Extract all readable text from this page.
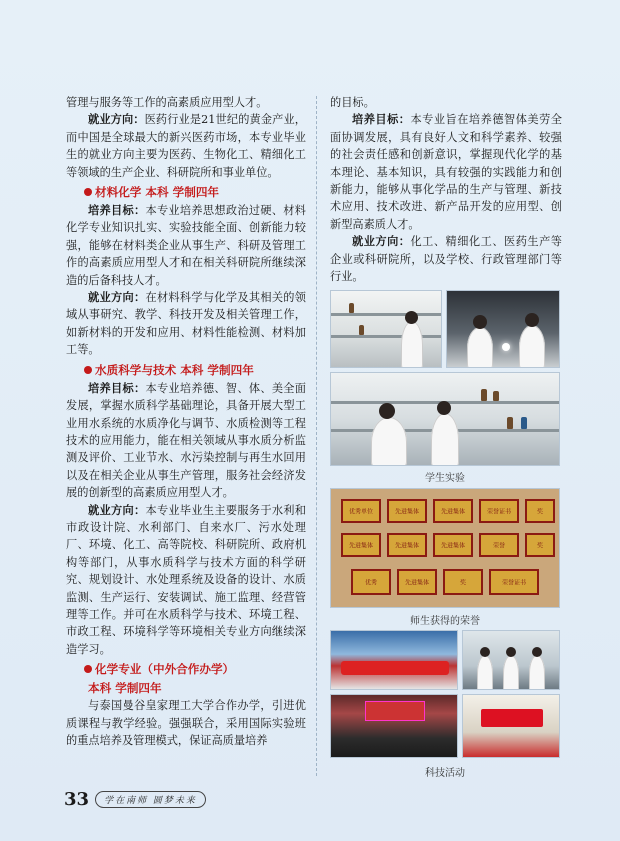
管理与服务等工作的高素质应用型人才。

就业方向：医药行业是21世纪的黄金产业，而中国是全球最大的新兴医药市场，本专业毕业生的就业方向主要为医药、生物化工、精细化工等领域的生产企业、科研院所和事业单位。

材料化学 本科 学制四年

培养目标：本专业培养思想政治过硬、材料化学专业知识扎实、实验技能全面、创新能力较强，能够在材料类企业从事生产、科研及管理工作的高素质应用型人才和在相关科研院所继续深造的后备科技人才。

就业方向：在材料科学与化学及其相关的领域从事研究、教学、科技开发及相关管理工作，如新材料的开发和应用、材料性能检测、材料加工等。

水质科学与技术 本科 学制四年

培养目标：本专业培养德、智、体、美全面发展，掌握水质科学基础理论，具备开展大型工业用水系统的水质净化与调节、水质检测等工程技术的应用能力，能在相关领域从事水质分析监测及评价、工业节水、水污染控制与再生水回用以及在相关企业从事生产管理，服务社会经济发展的创新型的高素质应用型人才。

就业方向：本专业毕业生主要服务于水利和市政设计院、水利部门、自来水厂、污水处理厂、环境、化工、高等院校、科研院所、政府机构等部门，从事水质科学与技术方面的科学研究、规划设计、水处理系统及设备的设计、水质监测、生产运行、安装调试、施工监理、经营管理等工作。并可在水质科学与技术、环境工程、市政工程、环境科学等环境相关专业方向继续深造学习。

化学专业（中外合作办学）
本科 学制四年

与泰国曼谷皇家理工大学合作办学，引进优质课程与教学经验。强强联合，采用国际实验班的重点培养及管理模式，保证高质量培养

的目标。

培养目标：本专业旨在培养德智体美劳全面协调发展，具有良好人文和科学素养、较强的社会责任感和创新意识，掌握现代化学的基本理论、基本知识，具有较强的实践能力和创新能力，能够从事化学品的生产与管理、新技术应用、技术改进、新产品开发的应用型、创新型高素质人才。

就业方向：化工、精细化工、医药生产等企业或科研院所，以及学校、行政管理部门等行业。

学生实验
优秀单位	先进集体	先进集体	荣誉证书	奖
先进集体	先进集体	先进集体	荣誉	奖
优秀	先进集体	奖	荣誉证书
师生获得的荣誉
科技活动
33	学在南师 圆梦未来
